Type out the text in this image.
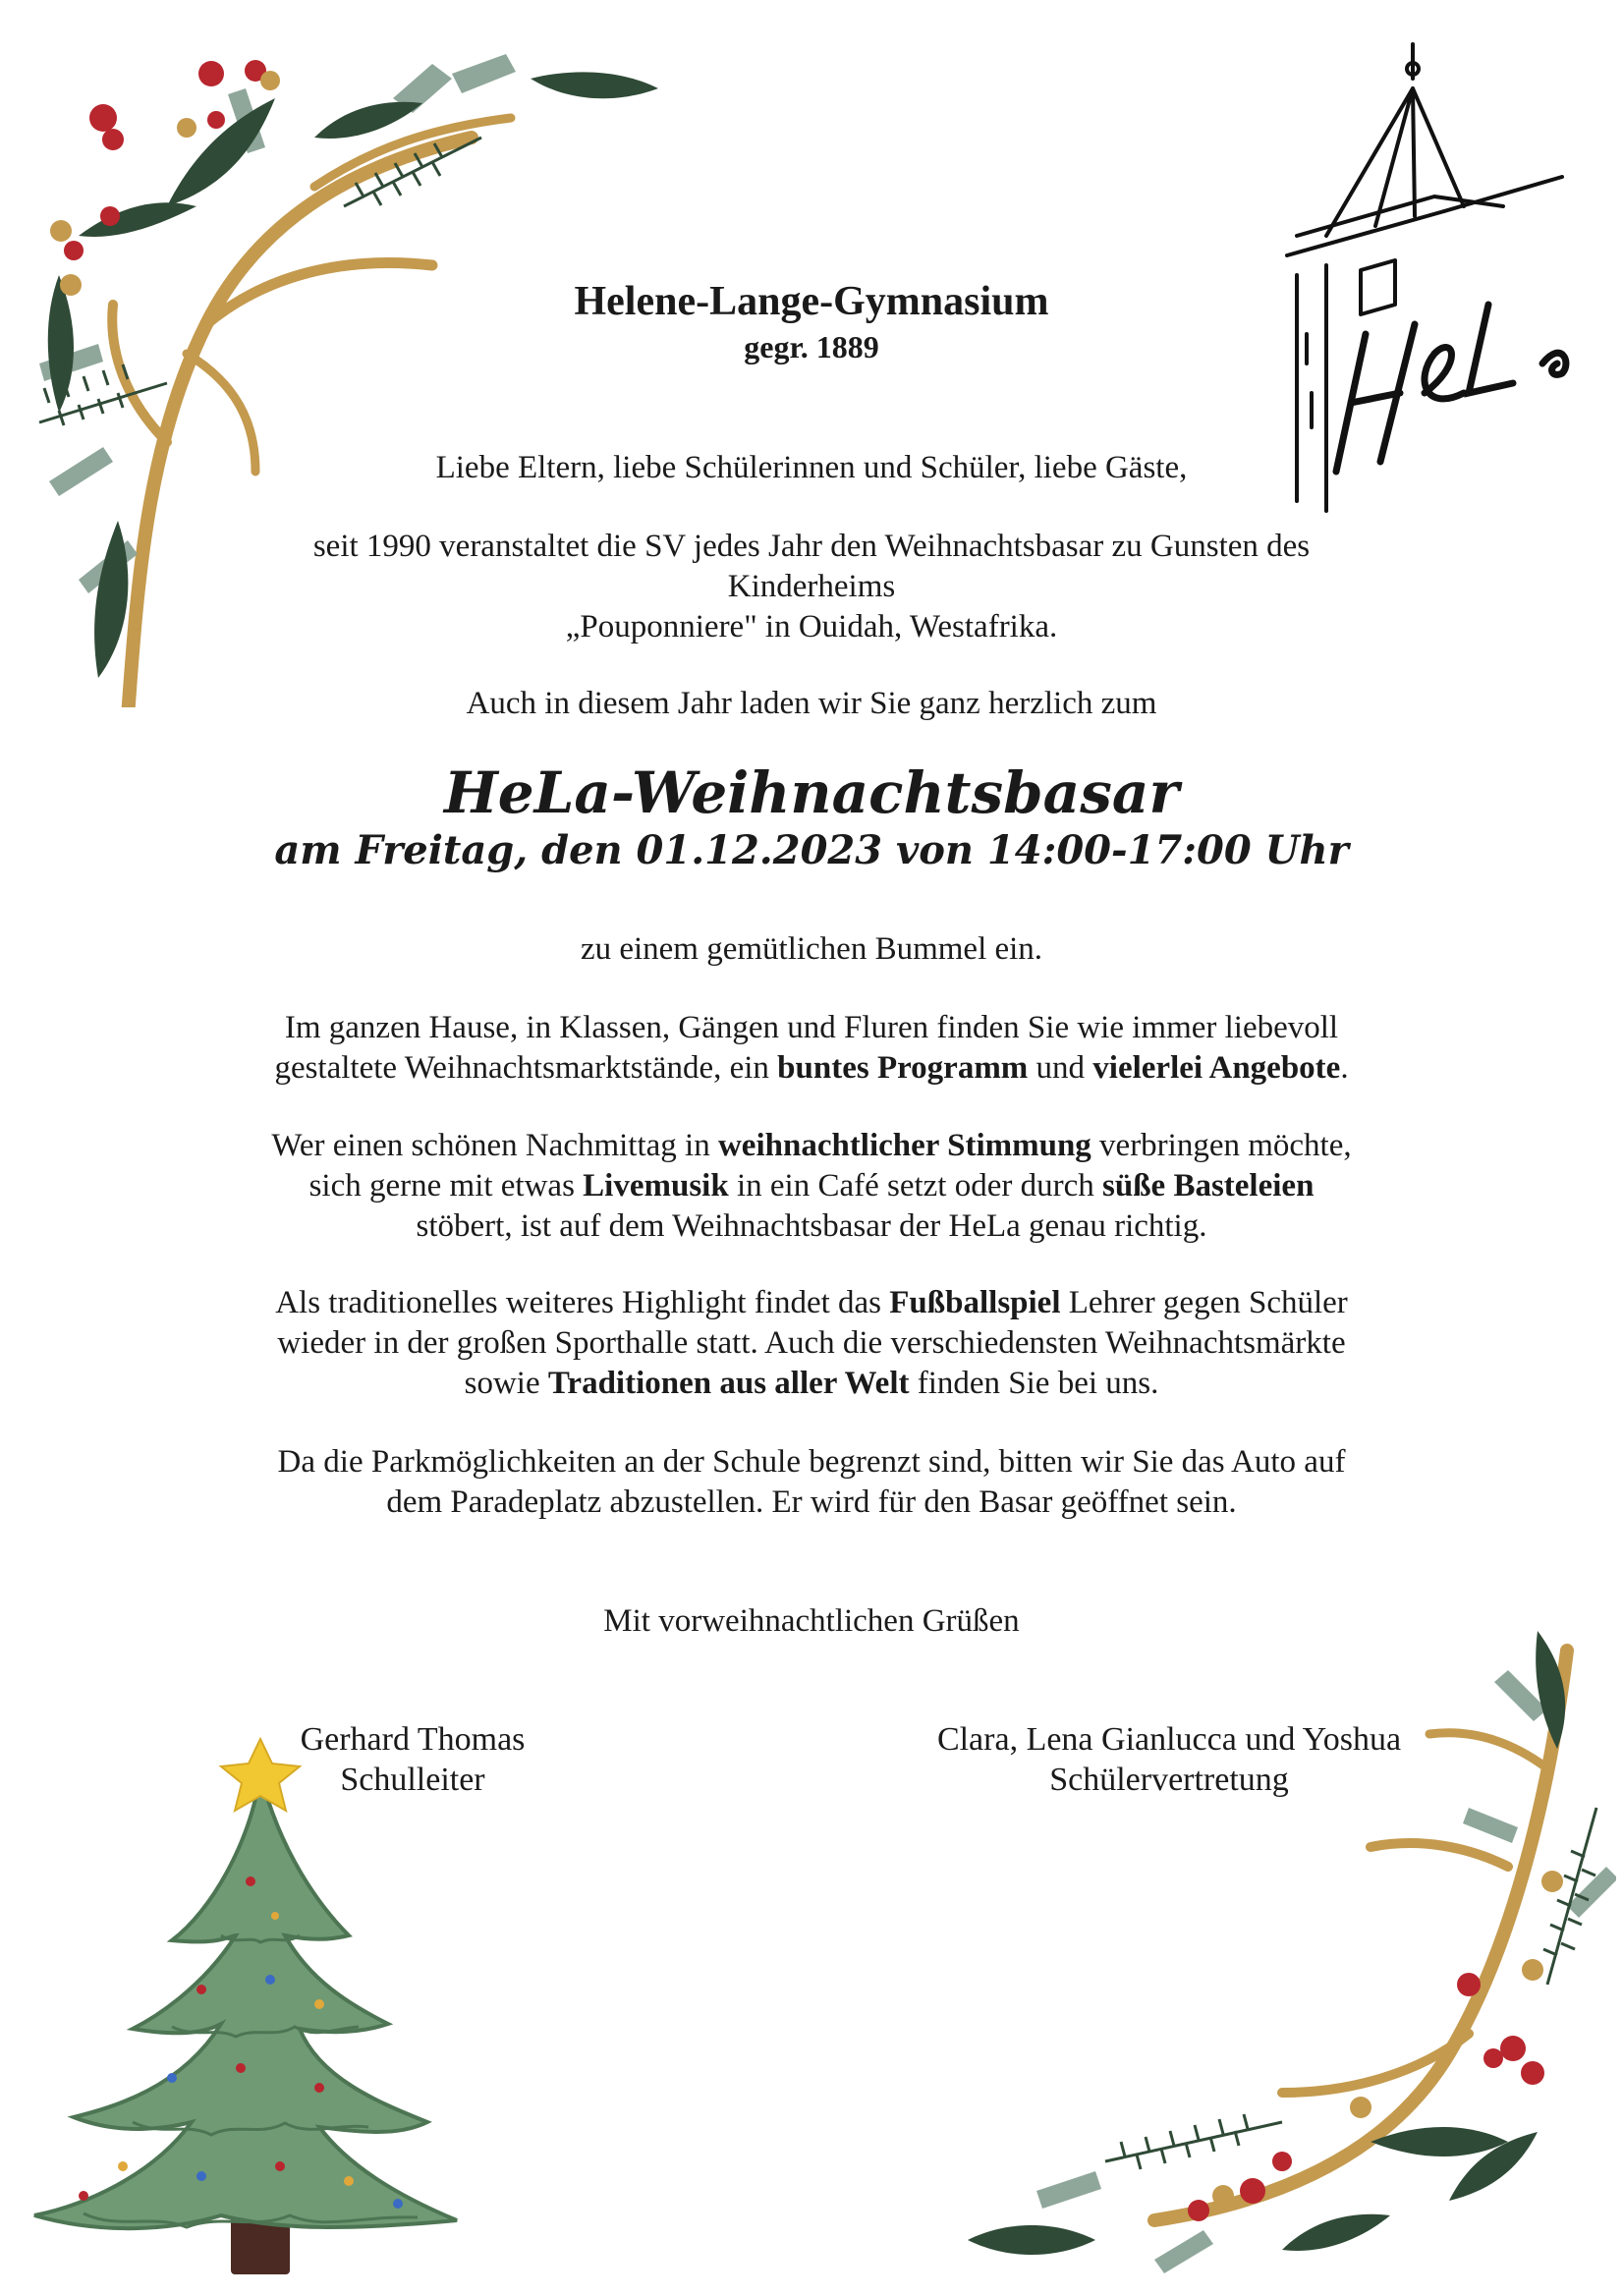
Helene-Lange-Gymnasium
gegr. 1889
Liebe Eltern, liebe Schülerinnen und Schüler, liebe Gäste,
seit 1990 veranstaltet die SV jedes Jahr den Weihnachtsbasar zu Gunsten des
Kinderheims
„Pouponniere" in Ouidah, Westafrika.
Auch in diesem Jahr laden wir Sie ganz herzlich zum
HeLa-Weihnachtsbasar
am Freitag, den 01.12.2023 von 14:00-17:00 Uhr
zu einem gemütlichen Bummel ein.
Im ganzen Hause, in Klassen, Gängen und Fluren finden Sie wie immer liebevoll
gestaltete Weihnachtsmarktstände, ein buntes Programm und vielerlei Angebote.
Wer einen schönen Nachmittag in weihnachtlicher Stimmung verbringen möchte,
sich gerne mit etwas Livemusik in ein Café setzt oder durch süße Basteleien
stöbert, ist auf dem Weihnachtsbasar der HeLa genau richtig.
Als traditionelles weiteres Highlight findet das Fußballspiel Lehrer gegen Schüler
wieder in der großen Sporthalle statt. Auch die verschiedensten Weihnachtsmärkte
sowie Traditionen aus aller Welt finden Sie bei uns.
Da die Parkmöglichkeiten an der Schule begrenzt sind, bitten wir Sie das Auto auf
dem Paradeplatz abzustellen. Er wird für den Basar geöffnet sein.
Mit vorweihnachtlichen Grüßen
Gerhard Thomas
Schulleiter
Clara, Lena Gianlucca und Yoshua
Schülervertretung
